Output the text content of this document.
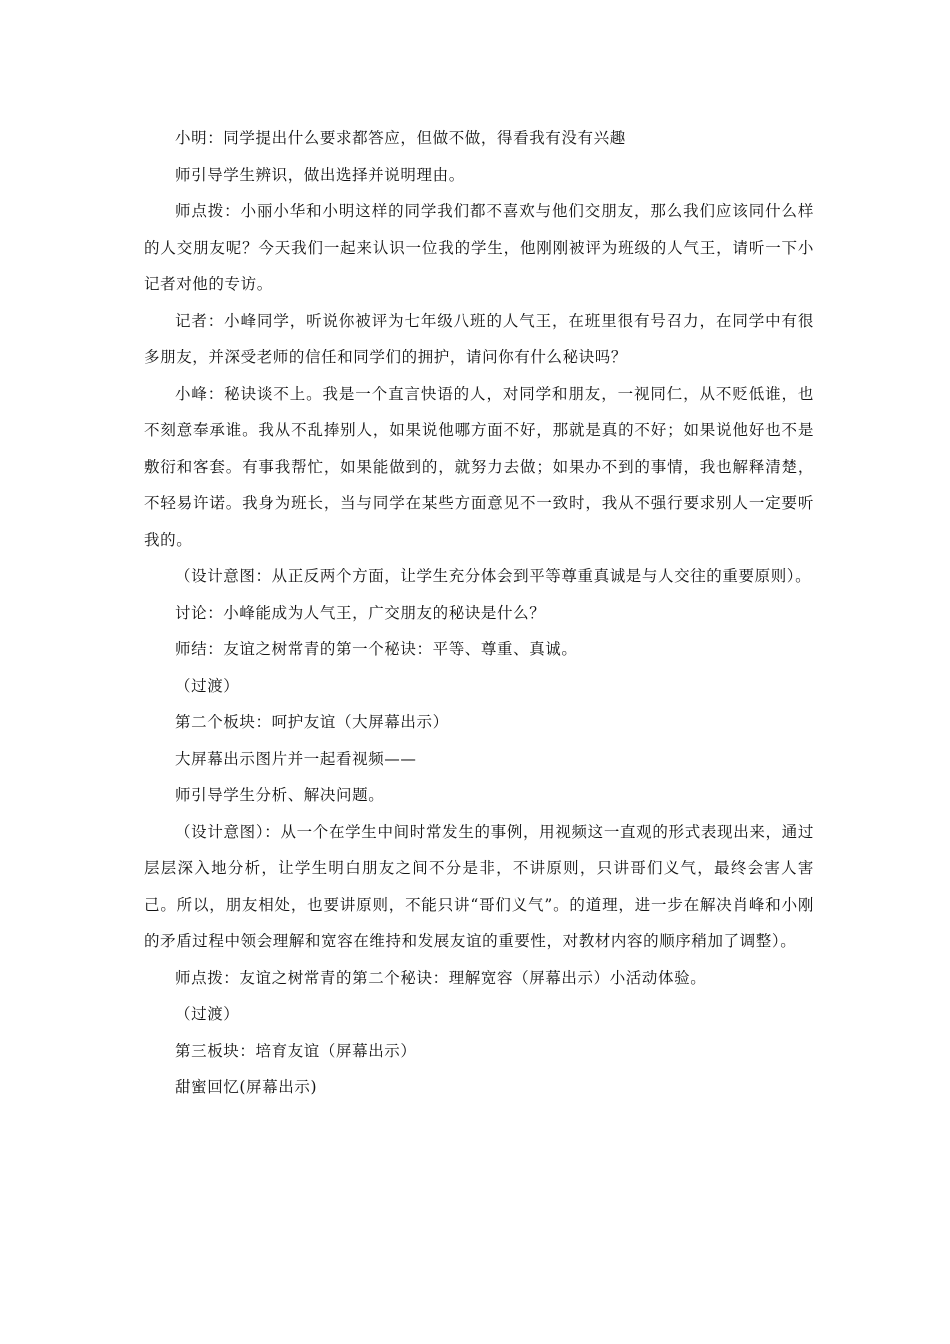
小明：同学提出什么要求都答应，但做不做，得看我有没有兴趣

师引导学生辨识，做出选择并说明理由。

师点拨：小丽小华和小明这样的同学我们都不喜欢与他们交朋友，那么我们应该同什么样的人交朋友呢？今天我们一起来认识一位我的学生，他刚刚被评为班级的人气王，请听一下小记者对他的专访。

记者：小峰同学，听说你被评为七年级八班的人气王，在班里很有号召力，在同学中有很多朋友，并深受老师的信任和同学们的拥护，请问你有什么秘诀吗？

小峰：秘诀谈不上。我是一个直言快语的人，对同学和朋友，一视同仁，从不贬低谁，也不刻意奉承谁。我从不乱捧别人，如果说他哪方面不好，那就是真的不好；如果说他好也不是敷衍和客套。有事我帮忙，如果能做到的，就努力去做；如果办不到的事情，我也解释清楚，不轻易许诺。我身为班长，当与同学在某些方面意见不一致时，我从不强行要求别人一定要听我的。

（设计意图：从正反两个方面，让学生充分体会到平等尊重真诚是与人交往的重要原则）。

讨论：小峰能成为人气王，广交朋友的秘诀是什么？

师结：友谊之树常青的第一个秘诀：平等、尊重、真诚。

（过渡）

第二个板块：呵护友谊（大屏幕出示）

大屏幕出示图片并一起看视频——

师引导学生分析、解决问题。

（设计意图）：从一个在学生中间时常发生的事例，用视频这一直观的形式表现出来，通过层层深入地分析，让学生明白朋友之间不分是非，不讲原则，只讲哥们义气，最终会害人害己。所以，朋友相处，也要讲原则，不能只讲“哥们义气”。的道理，进一步在解决肖峰和小刚的矛盾过程中领会理解和宽容在维持和发展友谊的重要性，对教材内容的顺序稍加了调整）。

师点拨：友谊之树常青的第二个秘诀：理解宽容（屏幕出示）小活动体验。

（过渡）

第三板块：培育友谊（屏幕出示）

甜蜜回忆(屏幕出示)
